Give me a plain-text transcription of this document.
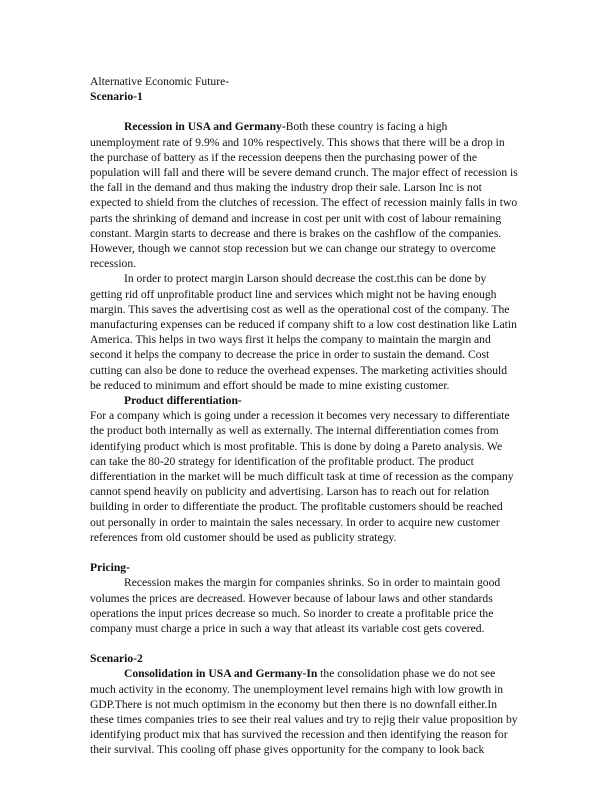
Alternative Economic Future-

Scenario-1

Recession in USA and Germany-Both these country is facing a high unemployment rate of 9.9% and 10% respectively. This shows that there will be a drop in the purchase of battery as if the recession deepens then the purchasing power of the population will fall and there will be severe demand crunch. The major effect of recession is the fall in the demand and thus making the industry drop their sale. Larson Inc is not expected to shield from the clutches of recession. The effect of recession mainly falls in two parts the shrinking of demand and increase in cost per unit with cost of labour remaining constant. Margin starts to decrease and there is brakes on the cashflow of the companies. However, though we cannot stop recession but we can change our strategy to overcome recession.

In order to protect margin Larson should decrease the cost.this can be done by getting rid off unprofitable product line and services which might not be having enough margin. This saves the advertising cost as well as the operational cost of the company. The manufacturing expenses can be reduced if company shift to a low cost destination like Latin America. This helps in two ways first it helps the company to maintain the margin and second it helps the company to decrease the price in order to sustain the demand. Cost cutting can also be done to reduce the overhead expenses. The marketing activities should be reduced to minimum and effort should be made to mine existing customer.

Product differentiation-

For a company which is going under a recession it becomes very necessary to differentiate the product both internally as well as externally. The internal differentiation comes from identifying product which is most profitable. This is done by doing a Pareto analysis. We can take the 80-20 strategy for identification of the profitable product. The product differentiation in the market will be much difficult task at time of recession as the company cannot spend heavily on publicity and advertising. Larson has to reach out for relation building in order to differentiate the product. The profitable customers should be reached out personally in order to maintain the sales necessary. In order to acquire new customer references from old customer should be used as publicity strategy.

Pricing-

Recession makes the margin for companies shrinks. So in order to maintain good volumes the prices are decreased. However because of labour laws and other standards operations the input prices decrease so much. So inorder to create a profitable price the company must charge a price in such a way that atleast its variable cost gets covered.

Scenario-2

Consolidation in USA and Germany-In the consolidation phase we do not see much activity in the economy. The unemployment level remains high with low growth in GDP.There is not much optimism in the economy but then there is no downfall either.In these times companies tries to see their real values and try to rejig their value proposition by identifying product mix that has survived the recession and then identifying the reason for their survival. This cooling off phase gives opportunity for the company to look back
